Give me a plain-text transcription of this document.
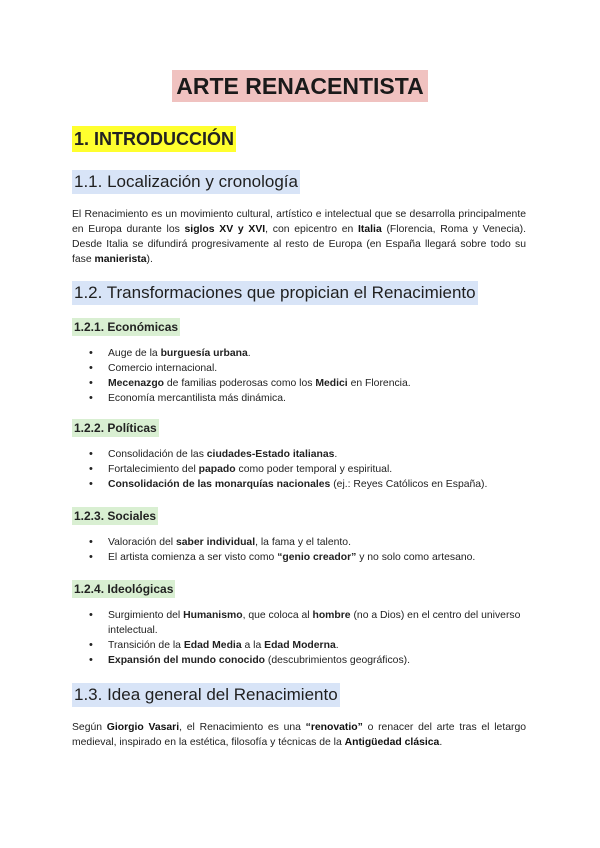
ARTE RENACENTISTA
1. INTRODUCCIÓN
1.1. Localización y cronología

El Renacimiento es un movimiento cultural, artístico e intelectual que se desarrolla principalmente en Europa durante los siglos XV y XVI, con epicentro en Italia (Florencia, Roma y Venecia). Desde Italia se difundirá progresivamente al resto de Europa (en España llegará sobre todo su fase manierista).

1.2. Transformaciones que propician el Renacimiento
1.2.1. Económicas
• Auge de la burguesía urbana.
• Comercio internacional.
• Mecenazgo de familias poderosas como los Medici en Florencia.
• Economía mercantilista más dinámica.
1.2.2. Políticas
• Consolidación de las ciudades-Estado italianas.
• Fortalecimiento del papado como poder temporal y espiritual.
• Consolidación de las monarquías nacionales (ej.: Reyes Católicos en España).
1.2.3. Sociales
• Valoración del saber individual, la fama y el talento.
• El artista comienza a ser visto como “genio creador” y no solo como artesano.
1.2.4. Ideológicas
• Surgimiento del Humanismo, que coloca al hombre (no a Dios) en el centro del universo intelectual.
• Transición de la Edad Media a la Edad Moderna.
• Expansión del mundo conocido (descubrimientos geográficos).
1.3. Idea general del Renacimiento

Según Giorgio Vasari, el Renacimiento es una “renovatio” o renacer del arte tras el letargo medieval, inspirado en la estética, filosofía y técnicas de la Antigüedad clásica.
